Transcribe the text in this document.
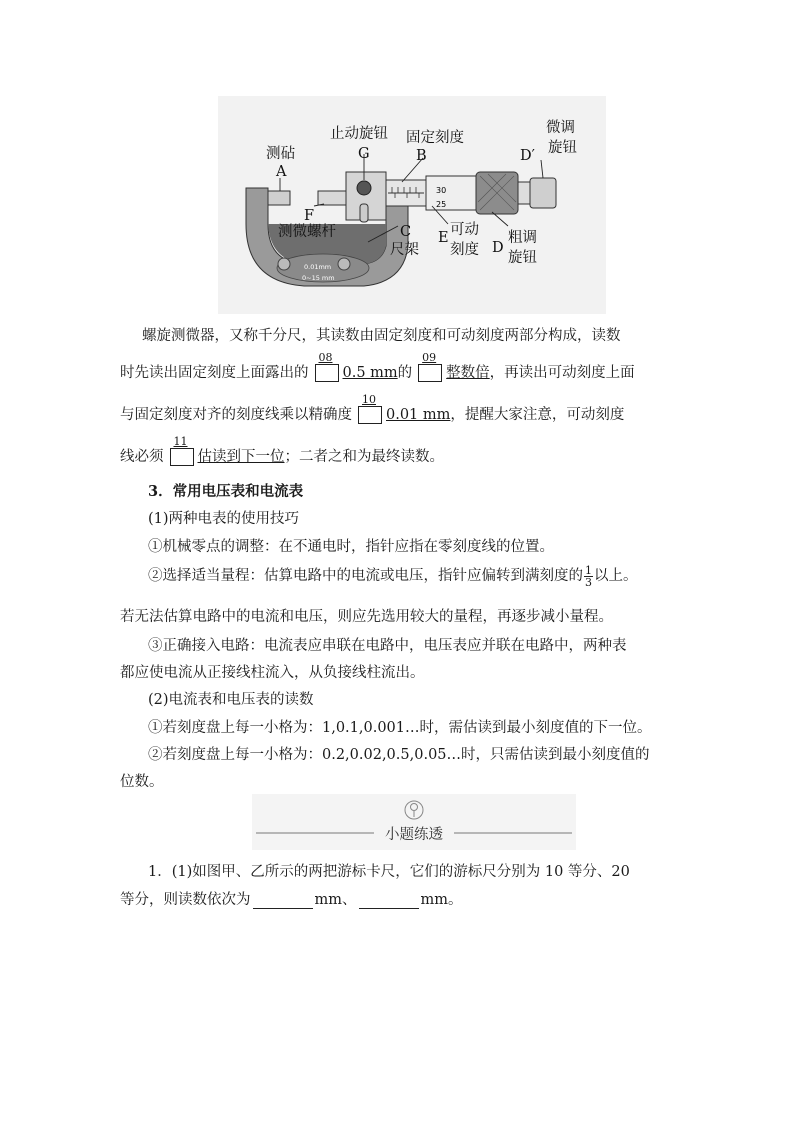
30
25
测砧
A
止动旋钮
G
固定刻度
B
微调
旋钮
D′
F
测微螺杆	C
尺架
E 可动
刻度 D
粗调
旋钮
0.01mm
0~15 mm
螺旋测微器，又称千分尺，其读数由固定刻度和可动刻度两部分构成，读数
时先读出固定刻度上面露出的
08
0.5 mm的
09
整数倍，再读出可动刻度上面
与固定刻度对齐的刻度线乘以精确度
10
0.01 mm，提醒大家注意，可动刻度
线必须
11
估读到下一位；二者之和为最终读数。
3．常用电压表和电流表
(1)两种电表的使用技巧
①机械零点的调整：在不通电时，指针应指在零刻度线的位置。
②选择适当量程：估算电路中的电流或电压，指针应偏转到满刻度的 $\frac{1}{3}$ 以上。
若无法估算电路中的电流和电压，则应先选用较大的量程，再逐步减小量程。
③正确接入电路：电流表应串联在电路中，电压表应并联在电路中，两种表
都应使电流从正接线柱流入，从负接线柱流出。
(2)电流表和电压表的读数
①若刻度盘上每一小格为：1,0.1,0.001…时，需估读到最小刻度值的下一位。
②若刻度盘上每一小格为：0.2,0.02,0.5,0.05…时，只需估读到最小刻度值的
位数。
小题练透
1．(1)如图甲、乙所示的两把游标卡尺，它们的游标尺分别为 10 等分、20
等分，则读数依次为	mm、	mm。
